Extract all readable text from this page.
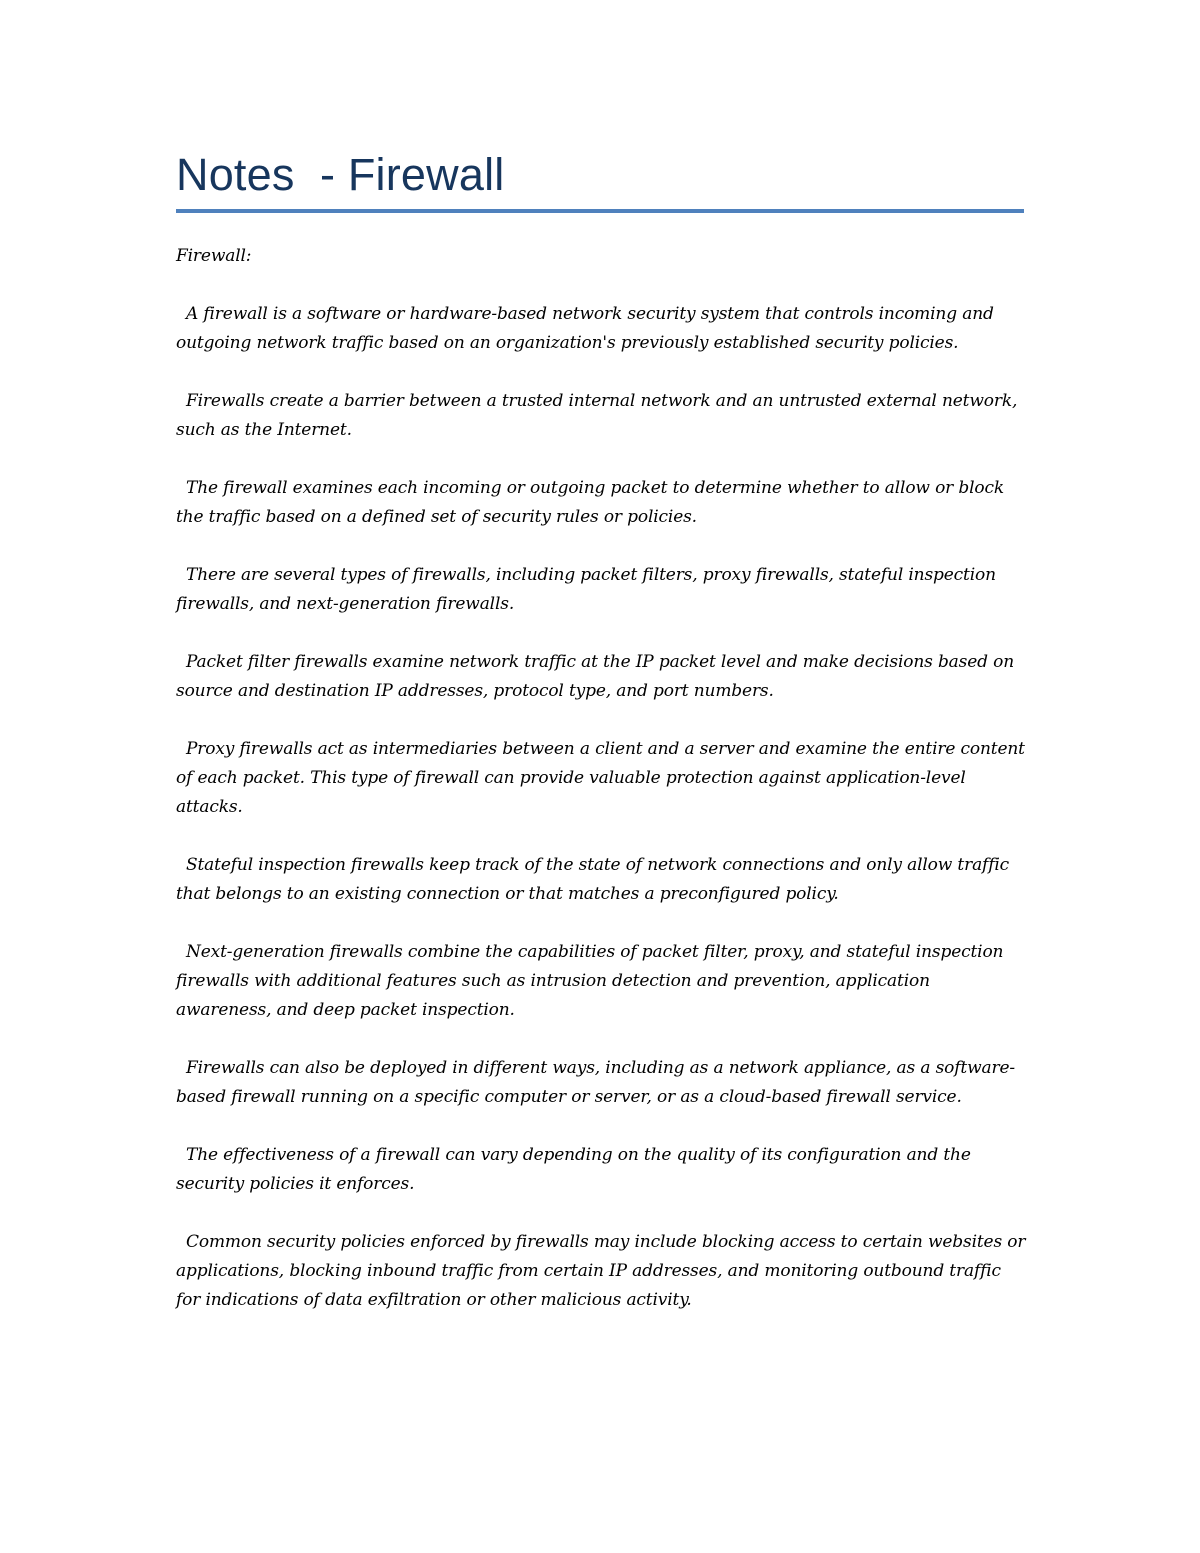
Notes  - Firewall

Firewall:

A firewall is a software or hardware-based network security system that controls incoming and outgoing network traffic based on an organization's previously established security policies.

Firewalls create a barrier between a trusted internal network and an untrusted external network, such as the Internet.

The firewall examines each incoming or outgoing packet to determine whether to allow or block the traffic based on a defined set of security rules or policies.

There are several types of firewalls, including packet filters, proxy firewalls, stateful inspection firewalls, and next-generation firewalls.

Packet filter firewalls examine network traffic at the IP packet level and make decisions based on source and destination IP addresses, protocol type, and port numbers.

Proxy firewalls act as intermediaries between a client and a server and examine the entire content of each packet. This type of firewall can provide valuable protection against application-level attacks.

Stateful inspection firewalls keep track of the state of network connections and only allow traffic that belongs to an existing connection or that matches a preconfigured policy.

Next-generation firewalls combine the capabilities of packet filter, proxy, and stateful inspection firewalls with additional features such as intrusion detection and prevention, application awareness, and deep packet inspection.

Firewalls can also be deployed in different ways, including as a network appliance, as a software-based firewall running on a specific computer or server, or as a cloud-based firewall service.

The effectiveness of a firewall can vary depending on the quality of its configuration and the security policies it enforces.

Common security policies enforced by firewalls may include blocking access to certain websites or applications, blocking inbound traffic from certain IP addresses, and monitoring outbound traffic for indications of data exfiltration or other malicious activity.
